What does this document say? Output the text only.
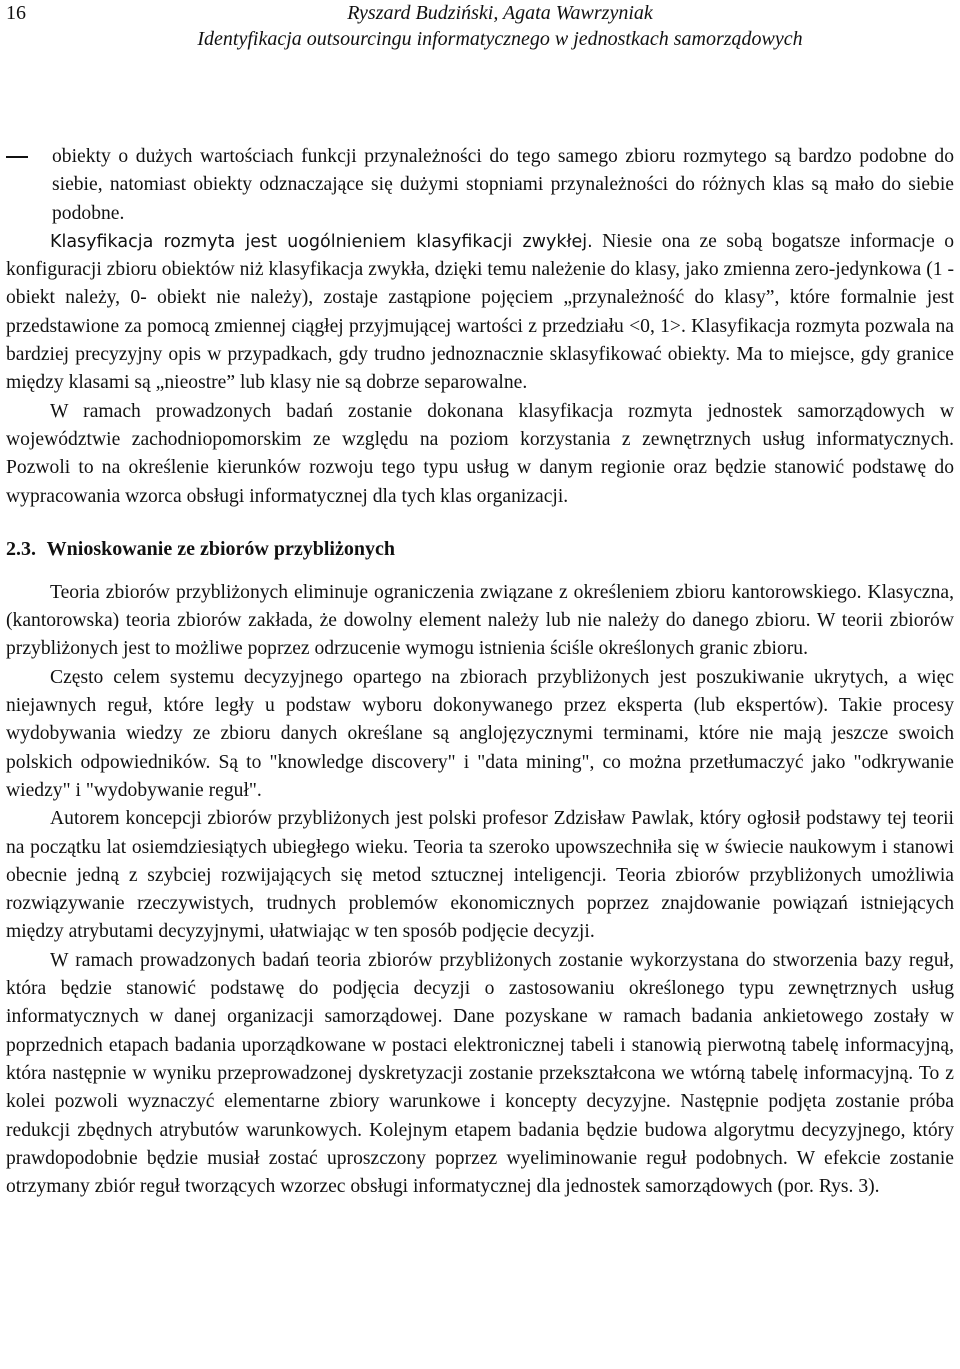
16	Ryszard Budziński, Agata Wawrzyniak
Identyfikacja outsourcingu informatycznego w jednostkach samorządowych
obiekty o dużych wartościach funkcji przynależności do tego samego zbioru rozmytego są bardzo podobne do siebie, natomiast obiekty odznaczające się dużymi stopniami przynależności do różnych klas są mało do siebie podobne.

Klasyfikacja rozmyta jest uogólnieniem klasyfikacji zwykłej. Niesie ona ze sobą bogatsze informacje o konfiguracji zbioru obiektów niż klasyfikacja zwykła, dzięki temu należenie do klasy, jako zmienna zero-jedynkowa (1 - obiekt należy, 0- obiekt nie należy), zostaje zastąpione pojęciem „przynależność do klasy”, które formalnie jest przedstawione za pomocą zmiennej ciągłej przyjmującej wartości z przedziału <0, 1>. Klasyfikacja rozmyta pozwala na bardziej precyzyjny opis w przypadkach, gdy trudno jednoznacznie sklasyfikować obiekty. Ma to miejsce, gdy granice między klasami są „nieostre” lub klasy nie są dobrze separowalne.

W ramach prowadzonych badań zostanie dokonana klasyfikacja rozmyta jednostek samorządowych w województwie zachodniopomorskim ze względu na poziom korzystania z zewnętrznych usług informatycznych. Pozwoli to na określenie kierunków rozwoju tego typu usług w danym regionie oraz będzie stanowić podstawę do wypracowania wzorca obsługi informatycznej dla tych klas organizacji.

2.3. Wnioskowanie ze zbiorów przybliżonych

Teoria zbiorów przybliżonych eliminuje ograniczenia związane z określeniem zbioru kantorowskiego. Klasyczna, (kantorowska) teoria zbiorów zakłada, że dowolny element należy lub nie należy do danego zbioru. W teorii zbiorów przybliżonych jest to możliwe poprzez odrzucenie wymogu istnienia ściśle określonych granic zbioru.

Często celem systemu decyzyjnego opartego na zbiorach przybliżonych jest poszukiwanie ukrytych, a więc niejawnych reguł, które legły u podstaw wyboru dokonywanego przez eksperta (lub ekspertów). Takie procesy wydobywania wiedzy ze zbioru danych określane są anglojęzycznymi terminami, które nie mają jeszcze swoich polskich odpowiedników. Są to "knowledge discovery" i "data mining", co można przetłumaczyć jako "odkrywanie wiedzy" i "wydobywanie reguł".

Autorem koncepcji zbiorów przybliżonych jest polski profesor Zdzisław Pawlak, który ogłosił podstawy tej teorii na początku lat osiemdziesiątych ubiegłego wieku. Teoria ta szeroko upowszechniła się w świecie naukowym i stanowi obecnie jedną z szybciej rozwijających się metod sztucznej inteligencji. Teoria zbiorów przybliżonych umożliwia rozwiązywanie rzeczywistych, trudnych problemów ekonomicznych poprzez znajdowanie powiązań istniejących między atrybutami decyzyjnymi, ułatwiając w ten sposób podjęcie decyzji.

W ramach prowadzonych badań teoria zbiorów przybliżonych zostanie wykorzystana do stworzenia bazy reguł, która będzie stanowić podstawę do podjęcia decyzji o zastosowaniu określonego typu zewnętrznych usług informatycznych w danej organizacji samorządowej. Dane pozyskane w ramach badania ankietowego zostały w poprzednich etapach badania uporządkowane w postaci elektronicznej tabeli i stanowią pierwotną tabelę informacyjną, która następnie w wyniku przeprowadzonej dyskretyzacji zostanie przekształcona we wtórną tabelę informacyjną. To z kolei pozwoli wyznaczyć elementarne zbiory warunkowe i koncepty decyzyjne. Następnie podjęta zostanie próba redukcji zbędnych atrybutów warunkowych. Kolejnym etapem badania będzie budowa algorytmu decyzyjnego, który prawdopodobnie będzie musiał zostać uproszczony poprzez wyeliminowanie reguł podobnych. W efekcie zostanie otrzymany zbiór reguł tworzących wzorzec obsługi informatycznej dla jednostek samorządowych (por. Rys. 3).
